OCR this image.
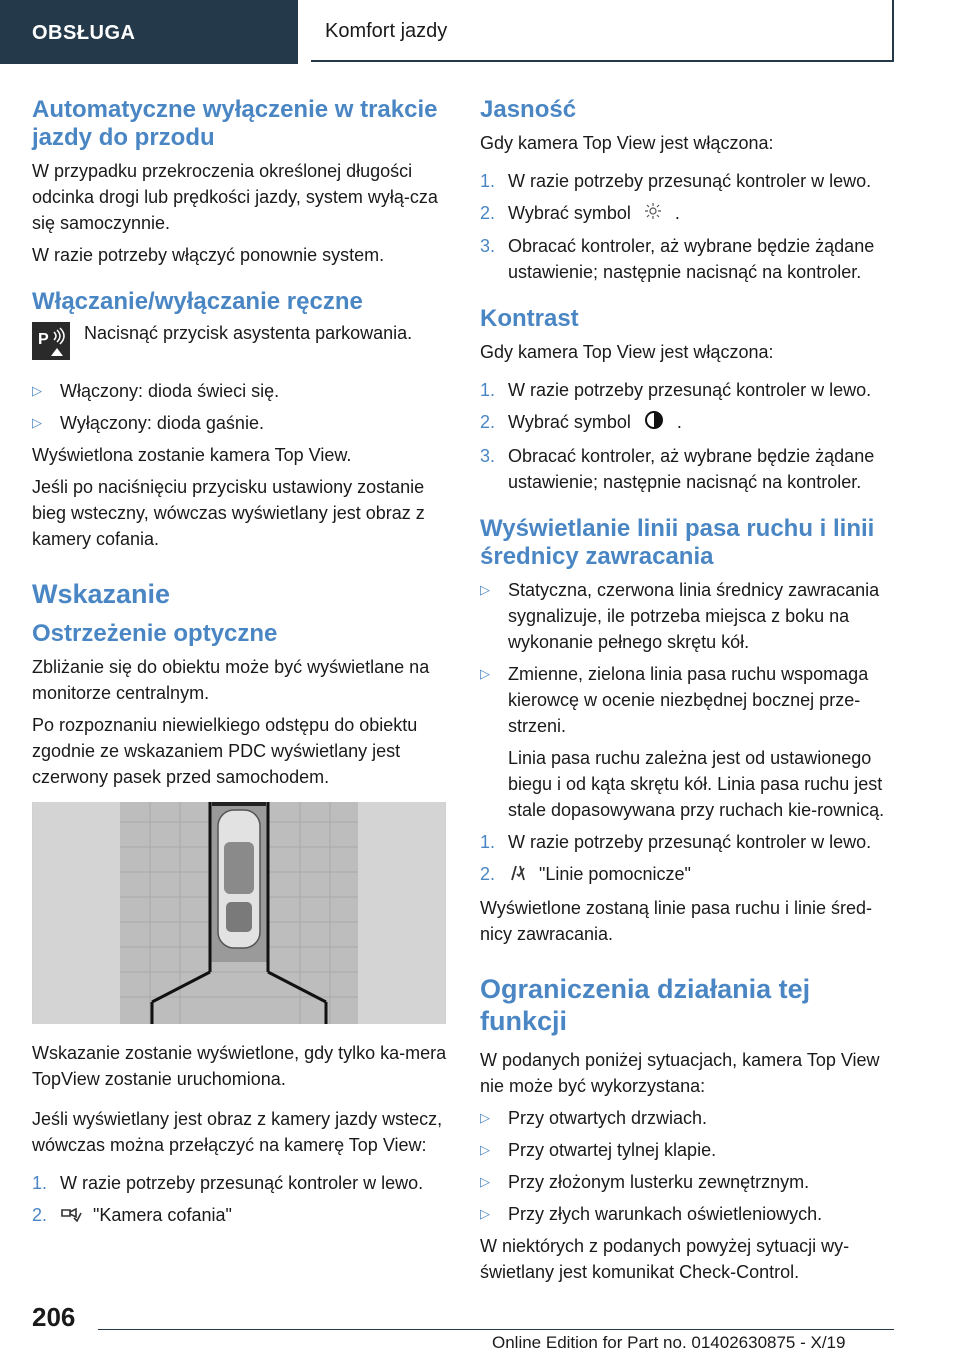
OBSŁUGA	Komfort jazdy
Automatyczne wyłączenie w trakcie jazdy do przodu

W przypadku przekroczenia określonej długości odcinka drogi lub prędkości jazdy, system wyłą-cza się samoczynnie.

W razie potrzeby włączyć ponownie system.

Włączanie/wyłączanie ręczne
P Nacisnąć przycisk asystenta parkowania.

▷ Włączony: dioda świeci się.
▷ Wyłączony: dioda gaśnie.

Wyświetlona zostanie kamera Top View.

Jeśli po naciśnięciu przycisku ustawiony zostanie bieg wsteczny, wówczas wyświetlany jest obraz z kamery cofania.

Wskazanie
Ostrzeżenie optyczne

Zbliżanie się do obiektu może być wyświetlane na monitorze centralnym.

Po rozpoznaniu niewielkiego odstępu do obiektu zgodnie ze wskazaniem PDC wyświetlany jest czerwony pasek przed samochodem.

Wskazanie zostanie wyświetlone, gdy tylko ka-mera TopView zostanie uruchomiona.

Jeśli wyświetlany jest obraz z kamery jazdy wstecz, wówczas można przełączyć na kamerę Top View:

1. W razie potrzeby przesunąć kontroler w lewo.
2.	"Kamera cofania"
Jasność

Gdy kamera Top View jest włączona:

1. W razie potrzeby przesunąć kontroler w lewo.
2. Wybrać symbol .
3. Obracać kontroler, aż wybrane będzie żądane ustawienie; następnie nacisnąć na kontroler.
Kontrast

Gdy kamera Top View jest włączona:

1. W razie potrzeby przesunąć kontroler w lewo.
2. Wybrać symbol	.
3. Obracać kontroler, aż wybrane będzie żądane ustawienie; następnie nacisnąć na kontroler.
Wyświetlanie linii pasa ruchu i linii średnicy zawracania
▷ Statyczna, czerwona linia średnicy zawracania sygnalizuje, ile potrzeba miejsca z boku na wykonanie pełnego skrętu kół.
▷ Zmienne, zielona linia pasa ruchu wspomaga kierowcę w ocenie niezbędnej bocznej prze-strzeni.

Linia pasa ruchu zależna jest od ustawionego biegu i od kąta skrętu kół. Linia pasa ruchu jest stale dopasowywana przy ruchach kie-rownicą.

1. W razie potrzeby przesunąć kontroler w lewo.
2. "Linie pomocnicze"

Wyświetlone zostaną linie pasa ruchu i linie śred-nicy zawracania.

Ograniczenia działania tej funkcji

W podanych poniżej sytuacjach, kamera Top View nie może być wykorzystana:

▷ Przy otwartych drzwiach.
▷ Przy otwartej tylnej klapie.
▷ Przy złożonym lusterku zewnętrznym.
▷ Przy złych warunkach oświetleniowych.

W niektórych z podanych powyżej sytuacji wy-świetlany jest komunikat Check-Control.

206
Online Edition for Part no. 01402630875 - X/19
